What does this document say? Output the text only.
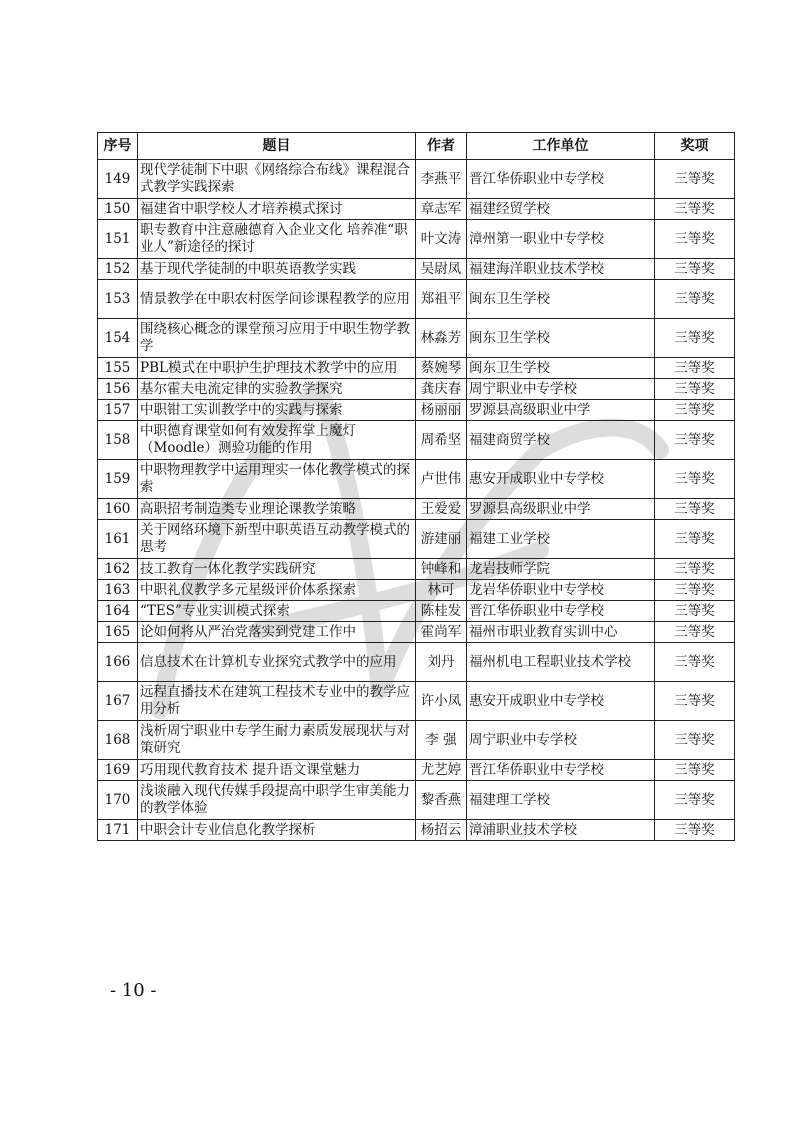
序号	题目	作者	工作单位	奖项
149	现代学徒制下中职《网络综合布线》课程混合式教学实践探索	李燕平	晋江华侨职业中专学校	三等奖
150	福建省中职学校人才培养模式探讨	章志军	福建经贸学校	三等奖
151	职专教育中注意融德育入企业文化 培养准“职业人”新途径的探讨	叶文涛	漳州第一职业中专学校	三等奖
152	基于现代学徒制的中职英语教学实践	吴尉凤	福建海洋职业技术学校	三等奖
153	情景教学在中职农村医学问诊课程教学的应用	郑祖平	闽东卫生学校	三等奖
154	围绕核心概念的课堂预习应用于中职生物学教学	林淼芳	闽东卫生学校	三等奖
155	PBL模式在中职护生护理技术教学中的应用	蔡婉琴	闽东卫生学校	三等奖
156	基尔霍夫电流定律的实验教学探究	龚庆春	周宁职业中专学校	三等奖
157	中职钳工实训教学中的实践与探索	杨丽丽	罗源县高级职业中学	三等奖
158	中职德育课堂如何有效发挥掌上魔灯（Moodle）测验功能的作用	周希坚	福建商贸学校	三等奖
159	中职物理教学中运用理实一体化教学模式的探索	卢世伟	惠安开成职业中专学校	三等奖
160	高职招考制造类专业理论课教学策略	王爱爱	罗源县高级职业中学	三等奖
161	关于网络环境下新型中职英语互动教学模式的思考	游建丽	福建工业学校	三等奖
162	技工教育一体化教学实践研究	钟峰和	龙岩技师学院	三等奖
163	中职礼仪教学多元星级评价体系探索	林可	龙岩华侨职业中专学校	三等奖
164	“TES”专业实训模式探索	陈桂发	晋江华侨职业中专学校	三等奖
165	论如何将从严治党落实到党建工作中	霍尚军	福州市职业教育实训中心	三等奖
166	信息技术在计算机专业探究式教学中的应用	刘丹	福州机电工程职业技术学校	三等奖
167	远程直播技术在建筑工程技术专业中的教学应用分析	许小凤	惠安开成职业中专学校	三等奖
168	浅析周宁职业中专学生耐力素质发展现状与对策研究	李 强	周宁职业中专学校	三等奖
169	巧用现代教育技术 提升语文课堂魅力	尤艺婷	晋江华侨职业中专学校	三等奖
170	浅谈融入现代传媒手段提高中职学生审美能力的教学体验	黎香燕	福建理工学校	三等奖
171	中职会计专业信息化教学探析	杨招云	漳浦职业技术学校	三等奖
- 10 -
